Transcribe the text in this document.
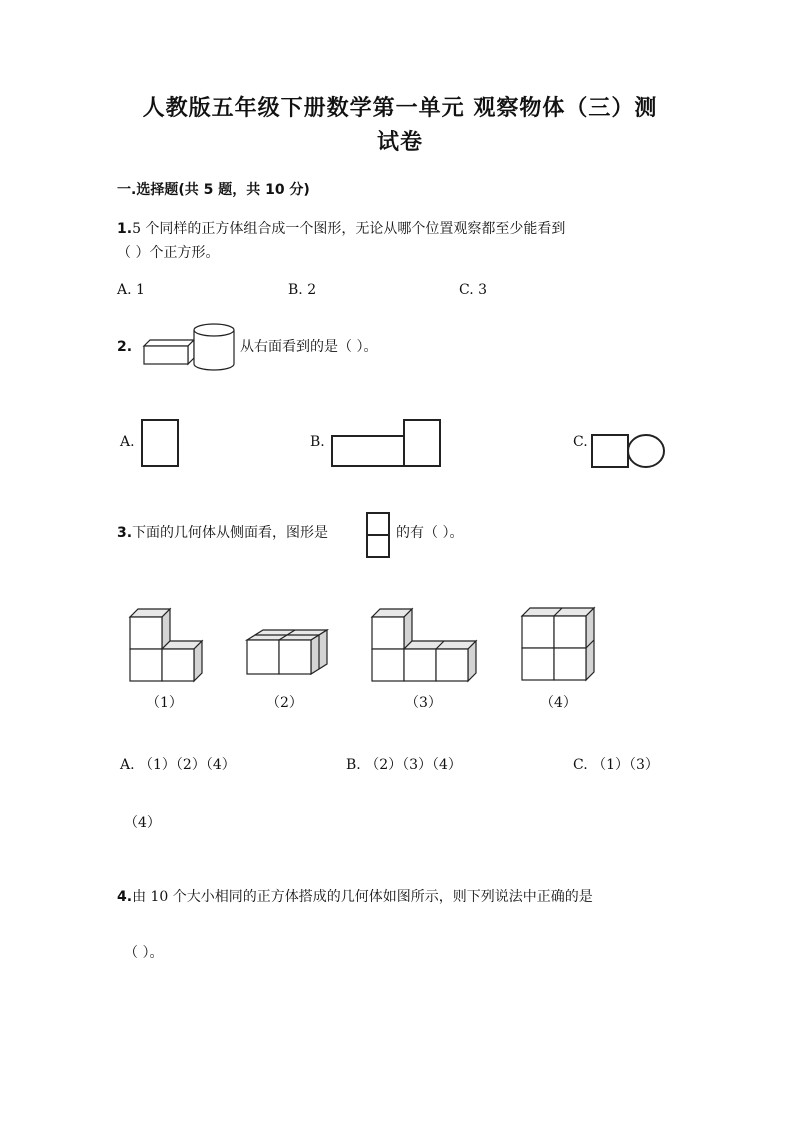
人教版五年级下册数学第一单元 观察物体（三）测
试卷
一.选择题(共 5 题，共 10 分)
1.5 个同样的正方体组合成一个图形，无论从哪个位置观察都至少能看到
（ ）个正方形。
A. 1	B. 2	C. 3
2.	从右面看到的是（ ）。
A.	B.	C.
3.下面的几何体从侧面看，图形是	的有（ ）。
（1）	（2）	（3）	（4）
A. （1）（2）（4）	B. （2）（3）（4）	C. （1）（3）
（4）
4.由 10 个大小相同的正方体搭成的几何体如图所示，则下列说法中正确的是
（ ）。
